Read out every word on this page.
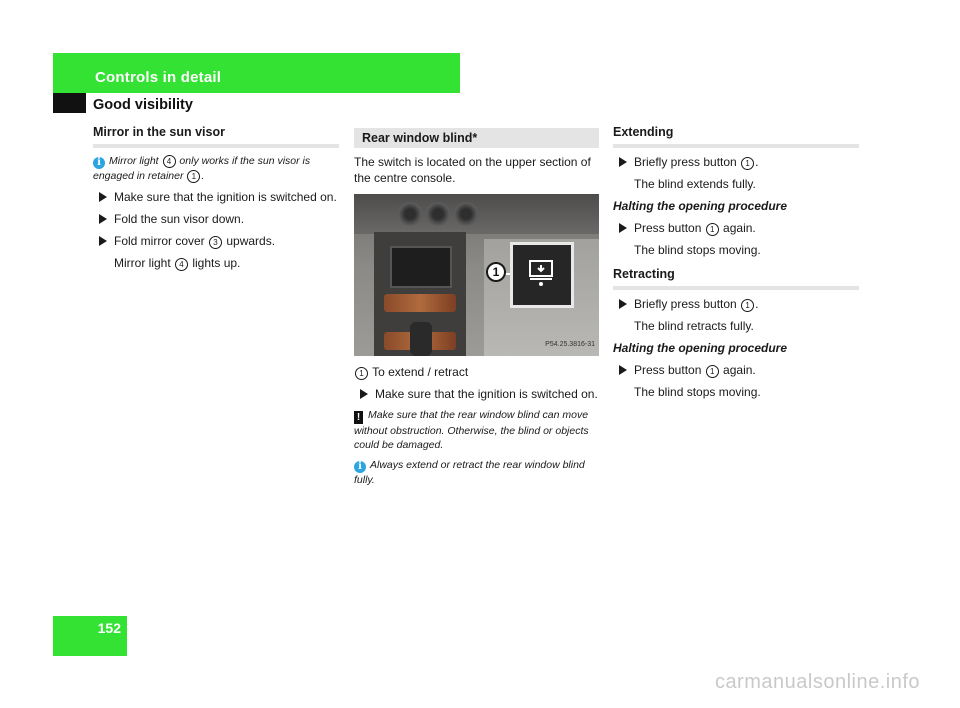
Controls in detail
Good visibility
Mirror in the sun visor
i Mirror light 4 only works if the sun visor is engaged in retainer 1 .
Make sure that the ignition is switched on.
Fold the sun visor down.
Fold mirror cover 3 upwards.
Mirror light 4 lights up.
Rear window blind*
The switch is located on the upper section of the centre console.
1
P54.25.3816-31
1 To extend / retract
Make sure that the ignition is switched on.
! Make sure that the rear window blind can move without obstruction. Otherwise, the blind or objects could be damaged.
i Always extend or retract the rear window blind fully.
Extending
Briefly press button 1 .
The blind extends fully.
Halting the opening procedure
Press button 1 again.
The blind stops moving.
Retracting
Briefly press button 1 .
The blind retracts fully.
Halting the opening procedure
Press button 1 again.
The blind stops moving.
152
carmanualsonline.info
